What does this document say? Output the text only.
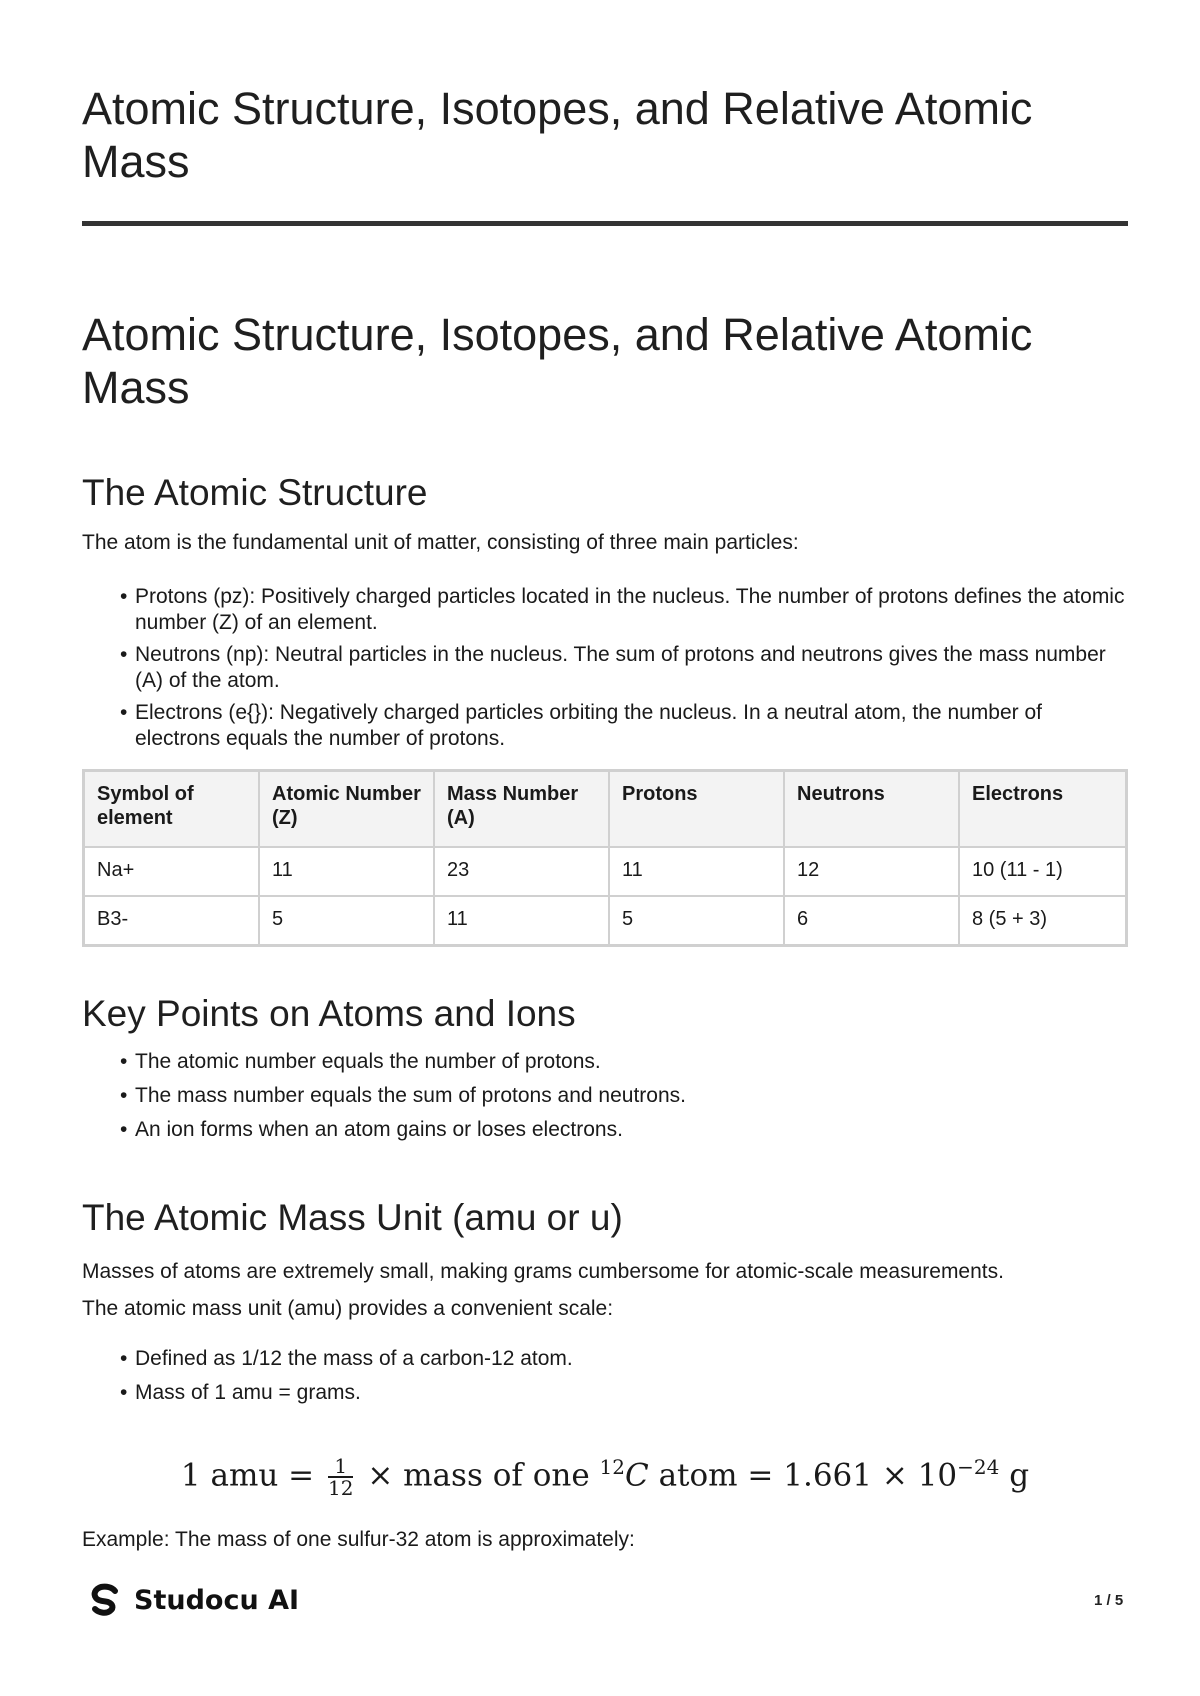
Atomic Structure, Isotopes, and Relative Atomic Mass
Atomic Structure, Isotopes, and Relative Atomic Mass
The Atomic Structure

The atom is the fundamental unit of matter, consisting of three main particles:

• Protons (pz): Positively charged particles located in the nucleus. The number of protons defines the atomic number (Z) of an element.
• Neutrons (np): Neutral particles in the nucleus. The sum of protons and neutrons gives the mass number (A) of the atom.
• Electrons (e{}): Negatively charged particles orbiting the nucleus. In a neutral atom, the number of electrons equals the number of protons.
Symbol of element	Atomic Number (Z)	Mass Number (A)	Protons	Neutrons	Electrons
Na+	11	23	11	12	10 (11 - 1)
B3-	5	11	5	6	8 (5 + 3)
Key Points on Atoms and Ions
• The atomic number equals the number of protons.
• The mass number equals the sum of protons and neutrons.
• An ion forms when an atom gains or loses electrons.
The Atomic Mass Unit (amu or u)

Masses of atoms are extremely small, making grams cumbersome for atomic-scale measurements.

The atomic mass unit (amu) provides a convenient scale:

• Defined as 1/12 the mass of a carbon-12 atom.
• Mass of 1 amu = grams.
1 amu = $\frac{1}{12}$ × mass of one $^{12}$C atom = $1.661 \times 10^{-24}$ g

Example: The mass of one sulfur-32 atom is approximately:

Studocu AI	1 / 5
